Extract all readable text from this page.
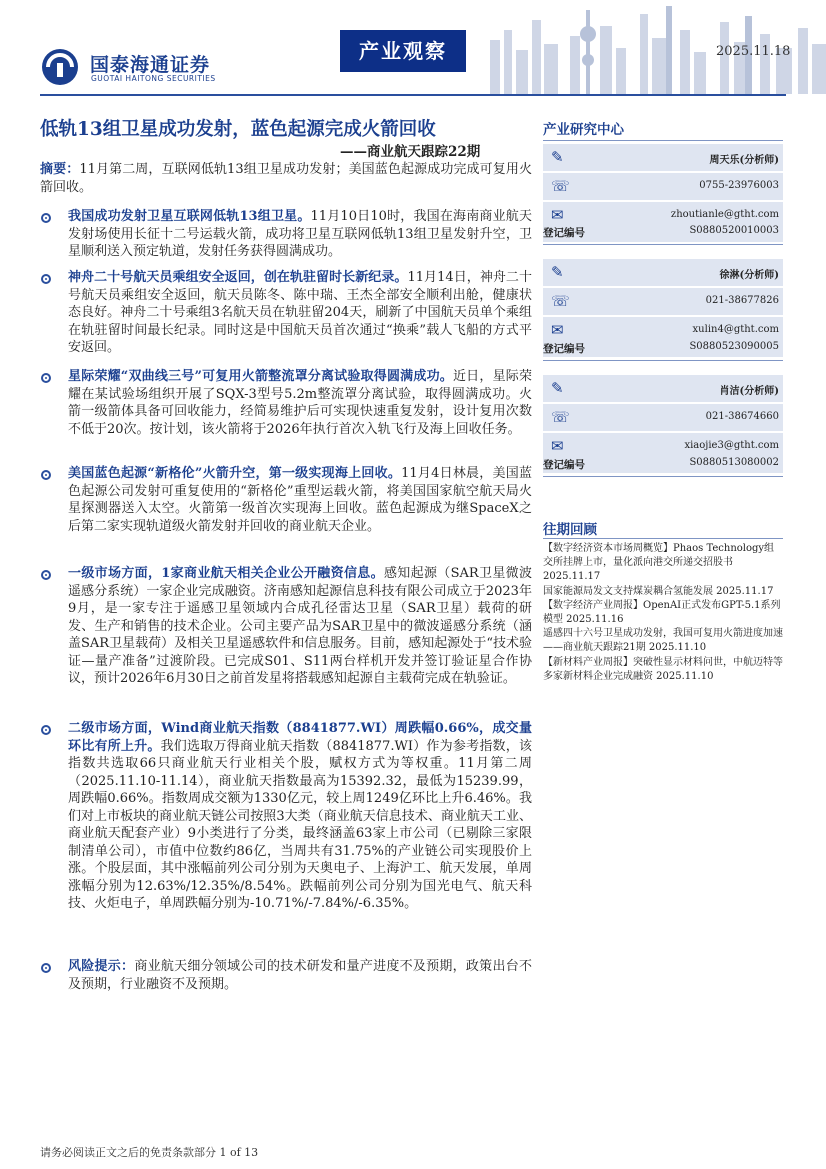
国泰海通证券
GUOTAI HAITONG SECURITIES
产业观察	2025.11.18
低轨13组卫星成功发射，蓝色起源完成火箭回收
——商业航天跟踪22期
摘要：11月第二周，互联网低轨13组卫星成功发射；美国蓝色起源成功完成可复用火箭回收。
我国成功发射卫星互联网低轨13组卫星。11月10日10时，我国在海南商业航天发射场使用长征十二号运载火箭，成功将卫星互联网低轨13组卫星发射升空，卫星顺利送入预定轨道，发射任务获得圆满成功。
神舟二十号航天员乘组安全返回，创在轨驻留时长新纪录。11月14日，神舟二十号航天员乘组安全返回，航天员陈冬、陈中瑞、王杰全部安全顺利出舱，健康状态良好。神舟二十号乘组3名航天员在轨驻留204天，刷新了中国航天员单个乘组在轨驻留时间最长纪录。同时这是中国航天员首次通过“换乘”载人飞船的方式平安返回。
星际荣耀“双曲线三号”可复用火箭整流罩分离试验取得圆满成功。近日，星际荣耀在某试验场组织开展了SQX-3型号5.2m整流罩分离试验，取得圆满成功。火箭一级箭体具备可回收能力，经简易维护后可实现快速重复发射，设计复用次数不低于20次。按计划，该火箭将于2026年执行首次入轨飞行及海上回收任务。
美国蓝色起源“新格伦”火箭升空，第一级实现海上回收。11月4日林晨，美国蓝色起源公司发射可重复使用的“新格伦”重型运载火箭，将美国国家航空航天局火星探测器送入太空。火箭第一级首次实现海上回收。蓝色起源成为继SpaceX之后第二家实现轨道级火箭发射并回收的商业航天企业。
一级市场方面，1家商业航天相关企业公开融资信息。感知起源（SAR卫星微波遥感分系统）一家企业完成融资。济南感知起源信息科技有限公司成立于2023年9月，是一家专注于遥感卫星领域内合成孔径雷达卫星（SAR卫星）载荷的研发、生产和销售的技术企业。公司主要产品为SAR卫星中的微波遥感分系统（涵盖SAR卫星载荷）及相关卫星遥感软件和信息服务。目前，感知起源处于“技术验证—量产准备”过渡阶段。已完成S01、S11两台样机开发并签订验证星合作协议，预计2026年6月30日之前首发星将搭载感知起源自主载荷完成在轨验证。
二级市场方面，Wind商业航天指数（8841877.WI）周跌幅0.66%，成交量环比有所上升。我们选取万得商业航天指数（8841877.WI）作为参考指数，该指数共选取66只商业航天行业相关个股，赋权方式为等权重。11月第二周（2025.11.10-11.14），商业航天指数最高为15392.32，最低为15239.99，周跌幅0.66%。指数周成交额为1330亿元，较上周1249亿环比上升6.46%。我们对上市板块的商业航天链公司按照3大类（商业航天信息技术、商业航天工业、商业航天配套产业）9小类进行了分类，最终涵盖63家上市公司（已剔除三家限制清单公司），市值中位数约86亿，当周共有31.75%的产业链公司实现股价上涨。个股层面，其中涨幅前列公司分别为天奥电子、上海沪工、航天发展，单周涨幅分别为12.63%/12.35%/8.54%。跌幅前列公司分别为国光电气、航天科技、火炬电子，单周跌幅分别为-10.71%/-7.84%/-6.35%。
风险提示：商业航天细分领域公司的技术研发和量产进度不及预期，政策出台不及预期，行业融资不及预期。
产业研究中心
✎	周天乐(分析师)
☏	0755-23976003
✉	zhoutianle@gtht.com
登记编号	S0880520010003
✎	徐淋(分析师)
☏	021-38677826
✉	xulin4@gtht.com
登记编号	S0880523090005
✎	肖洁(分析师)
☏	021-38674660
✉	xiaojie3@gtht.com
登记编号	S0880513080002
往期回顾
【数字经济资本市场周概览】Phaos Technology组交所挂牌上市，量化派向港交所递交招股书 2025.11.17
国家能源局发文支持煤炭耦合氢能发展 2025.11.17
【数字经济产业周报】OpenAI正式发布GPT-5.1系列模型 2025.11.16
遥感四十六号卫星成功发射，我国可复用火箭进度加速——商业航天跟踪21期 2025.11.10
【新材料产业周报】突破性显示材料问世，中航迈特等多家新材料企业完成融资 2025.11.10
请务必阅读正文之后的免责条款部分 1 of 13
